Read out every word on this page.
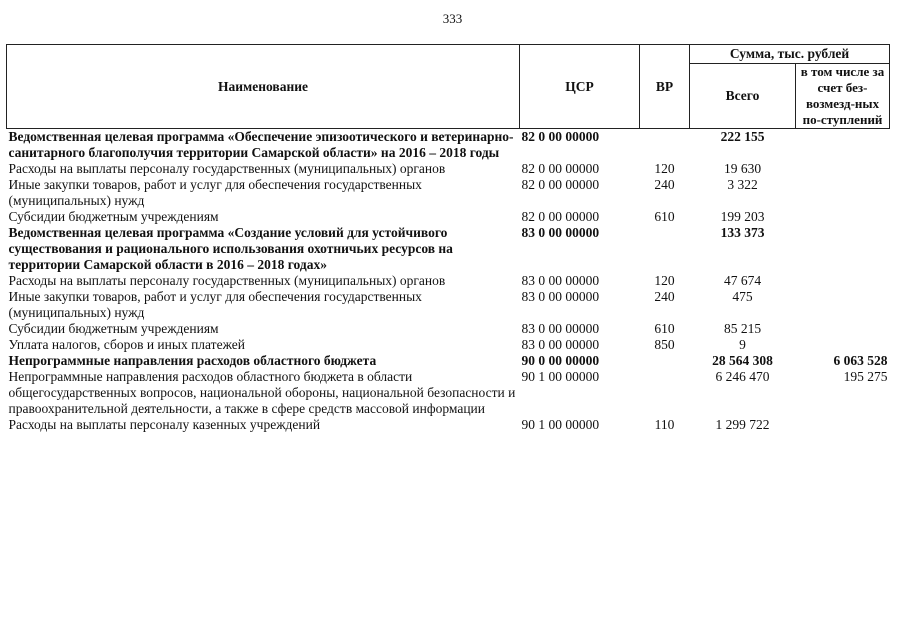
333
Наименование	ЦСР	ВР	Сумма, тыс. рублей	
			Всего	в том числе за счет без-возмезд-ных по-ступлений
Ведомственная целевая программа «Обеспечение эпизоотического и ветеринарно-санитарного благополучия территории Самарской области» на 2016 – 2018 годы	82 0 00 00000		222 155	
Расходы на выплаты персоналу государственных (муниципальных) органов	82 0 00 00000	120	19 630	
Иные закупки товаров, работ и услуг для обеспечения государственных (муниципальных) нужд	82 0 00 00000	240	3 322	
Субсидии бюджетным учреждениям	82 0 00 00000	610	199 203	
Ведомственная целевая программа «Создание условий для устойчивого существования и рационального использования охотничьих ресурсов на территории Самарской области в 2016 – 2018 годах»	83 0 00 00000		133 373	
Расходы на выплаты персоналу государственных (муниципальных) органов	83 0 00 00000	120	47 674	
Иные закупки товаров, работ и услуг для обеспечения государственных (муниципальных) нужд	83 0 00 00000	240	475	
Субсидии бюджетным учреждениям	83 0 00 00000	610	85 215	
Уплата налогов, сборов и иных платежей	83 0 00 00000	850	9	
Непрограммные направления расходов областного бюджета	90 0 00 00000		28 564 308	6 063 528
Непрограммные направления расходов областного бюджета в области общегосударственных вопросов, национальной обороны, национальной безопасности и правоохранительной деятельности, а также в сфере средств массовой информации	90 1 00 00000		6 246 470	195 275
Расходы на выплаты персоналу казенных учреждений	90 1 00 00000	110	1 299 722	
